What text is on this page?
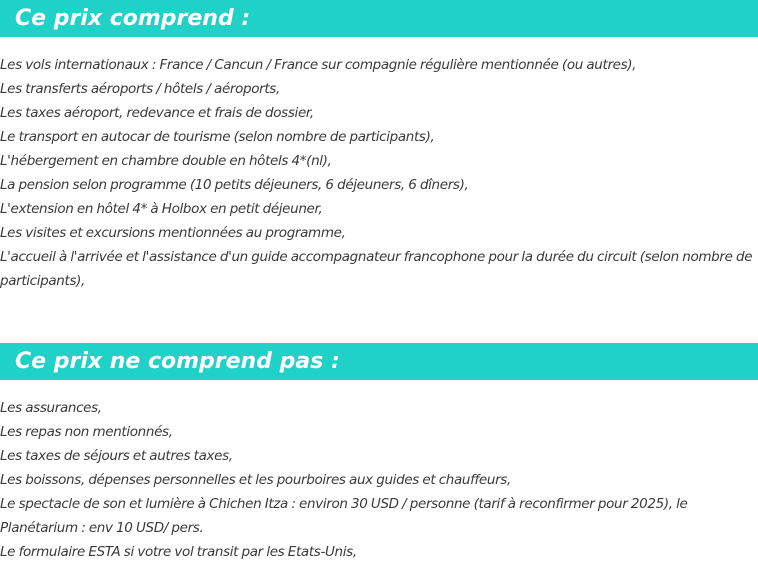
Ce prix comprend :
Les vols internationaux : France / Cancun / France sur compagnie régulière mentionnée (ou autres),
Les transferts aéroports / hôtels / aéroports,
Les taxes aéroport, redevance et frais de dossier,
Le transport en autocar de tourisme (selon nombre de participants),
L'hébergement en chambre double en hôtels 4*(nl),
La pension selon programme (10 petits déjeuners, 6 déjeuners, 6 dîners),
L'extension en hôtel 4* à Holbox en petit déjeuner,
Les visites et excursions mentionnées au programme,
L'accueil à l'arrivée et l'assistance d'un guide accompagnateur francophone pour la durée du circuit (selon nombre de participants),
Ce prix ne comprend pas :
Les assurances,
Les repas non mentionnés,
Les taxes de séjours et autres taxes,
Les boissons, dépenses personnelles et les pourboires aux guides et chauffeurs,
Le spectacle de son et lumière à Chichen Itza : environ 30 USD / personne (tarif à reconfirmer pour 2025), le Planétarium : env 10 USD/ pers.
Le formulaire ESTA si votre vol transit par les Etats-Unis,
